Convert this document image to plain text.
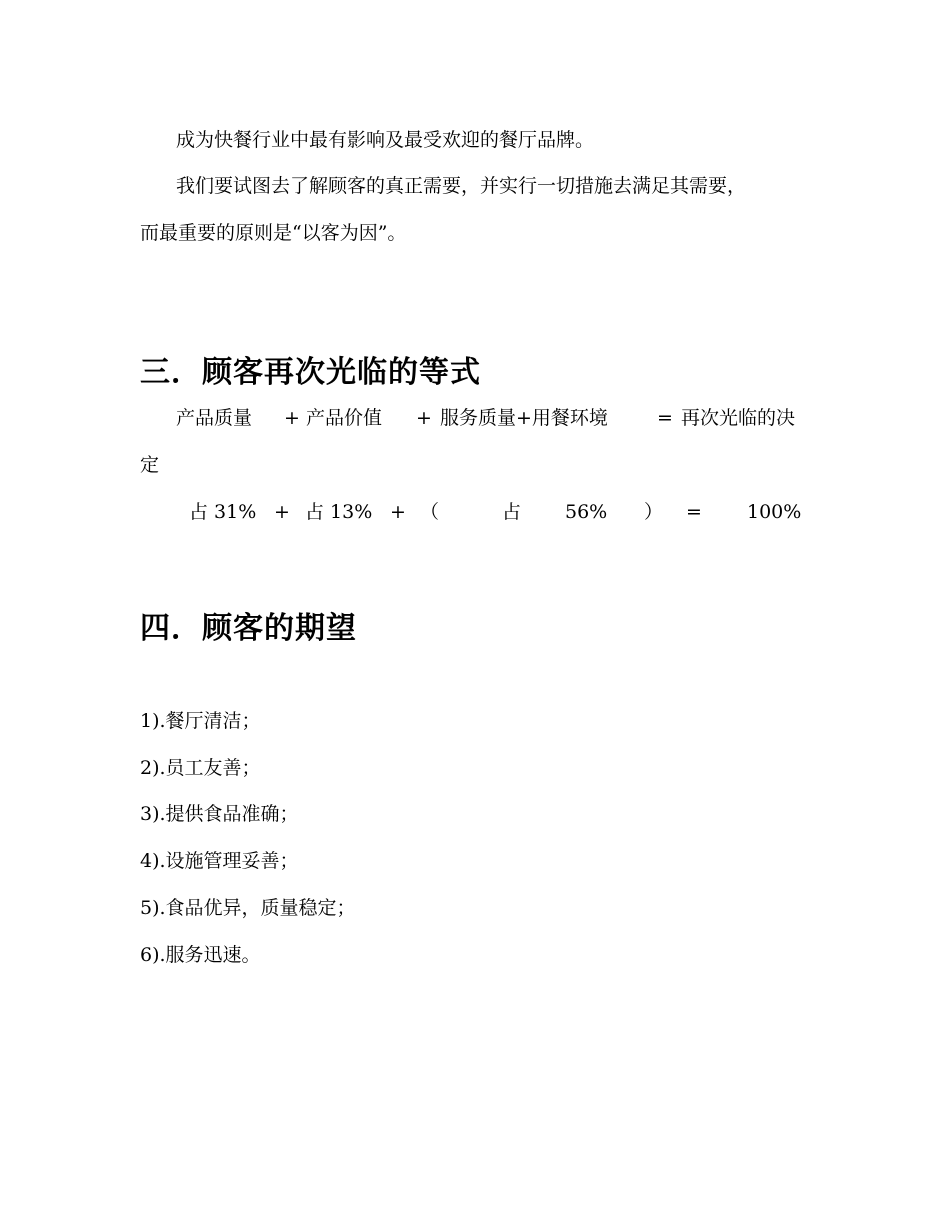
成为快餐行业中最有影响及最受欢迎的餐厅品牌。
我们要试图去了解顾客的真正需要，并实行一切措施去满足其需要，
而最重要的原则是“以客为因”。
三．顾客再次光临的等式
产品质量 + 产品价值 + 服务质量+用餐环境	= 再次光临的决
定
占 31% + 占 13% + （	占 56% ） = 100%
四．顾客的期望
1).餐厅清洁；
2).员工友善；
3).提供食品准确；
4).设施管理妥善；
5).食品优异，质量稳定；
6).服务迅速。
